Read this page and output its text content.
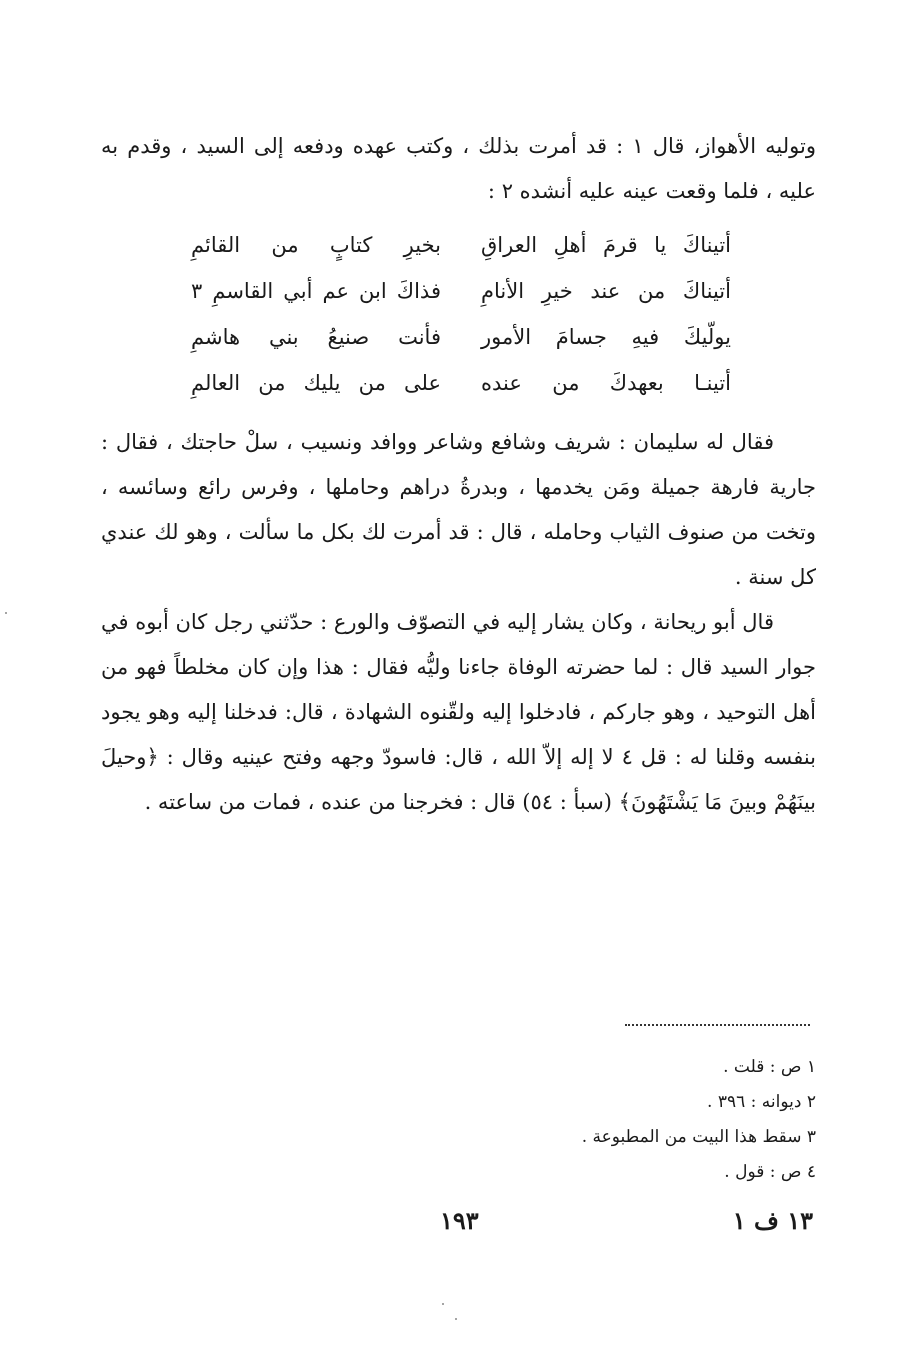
وتوليه الأهواز، قال ١ : قد أمرت بذلك ، وكتب عهده ودفعه إلى السيد ، وقدم به عليه ، فلما وقعت عينه عليه أنشده ٢ :
أتيناكَ يا قرمَ أهلِ العراقِ
بخيرِ كتابٍ من القائمِ
أتيناكَ من عند خيرِ الأنامِ
فذاكَ ابن عم أبي القاسمِ ٣
يولّيكَ فيهِ جسامَ الأمور
فأنت صنيعُ بني هاشمِ
أتينـا بعهدكَ من عنده
على من يليك من العالمِ

فقال له سليمان : شريف وشافع وشاعر ووافد ونسيب ، سلْ حاجتك ، فقال : جارية فارهة جميلة ومَن يخدمها ، وبدرةُ دراهم وحاملها ، وفرس رائع وسائسه ، وتخت من صنوف الثياب وحامله ، قال : قد أمرت لك بكل ما سألت ، وهو لك عندي كل سنة .

قال أبو ريحانة ، وكان يشار إليه في التصوّف والورع : حدّثني رجل كان أبوه في جوار السيد قال : لما حضرته الوفاة جاءنا وليُّه فقال : هذا وإن كان مخلطاً فهو من أهل التوحيد ، وهو جاركم ، فادخلوا إليه ولقّنوه الشهادة ، قال: فدخلنا إليه وهو يجود بنفسه وقلنا له : قل ٤ لا إله إلاّ الله ، قال: فاسودّ وجهه وفتح عينيه وقال : ﴿وحيلَ بينَهُمْ وبينَ مَا يَشْتَهُونَ﴾ (سبأ : ٥٤) قال : فخرجنا من عنده ، فمات من ساعته .

١ ص : قلت .
٢ ديوانه : ٣٩٦ .
٣ سقط هذا البيت من المطبوعة .
٤ ص : قول .
١٣ ف ١
١٩٣
